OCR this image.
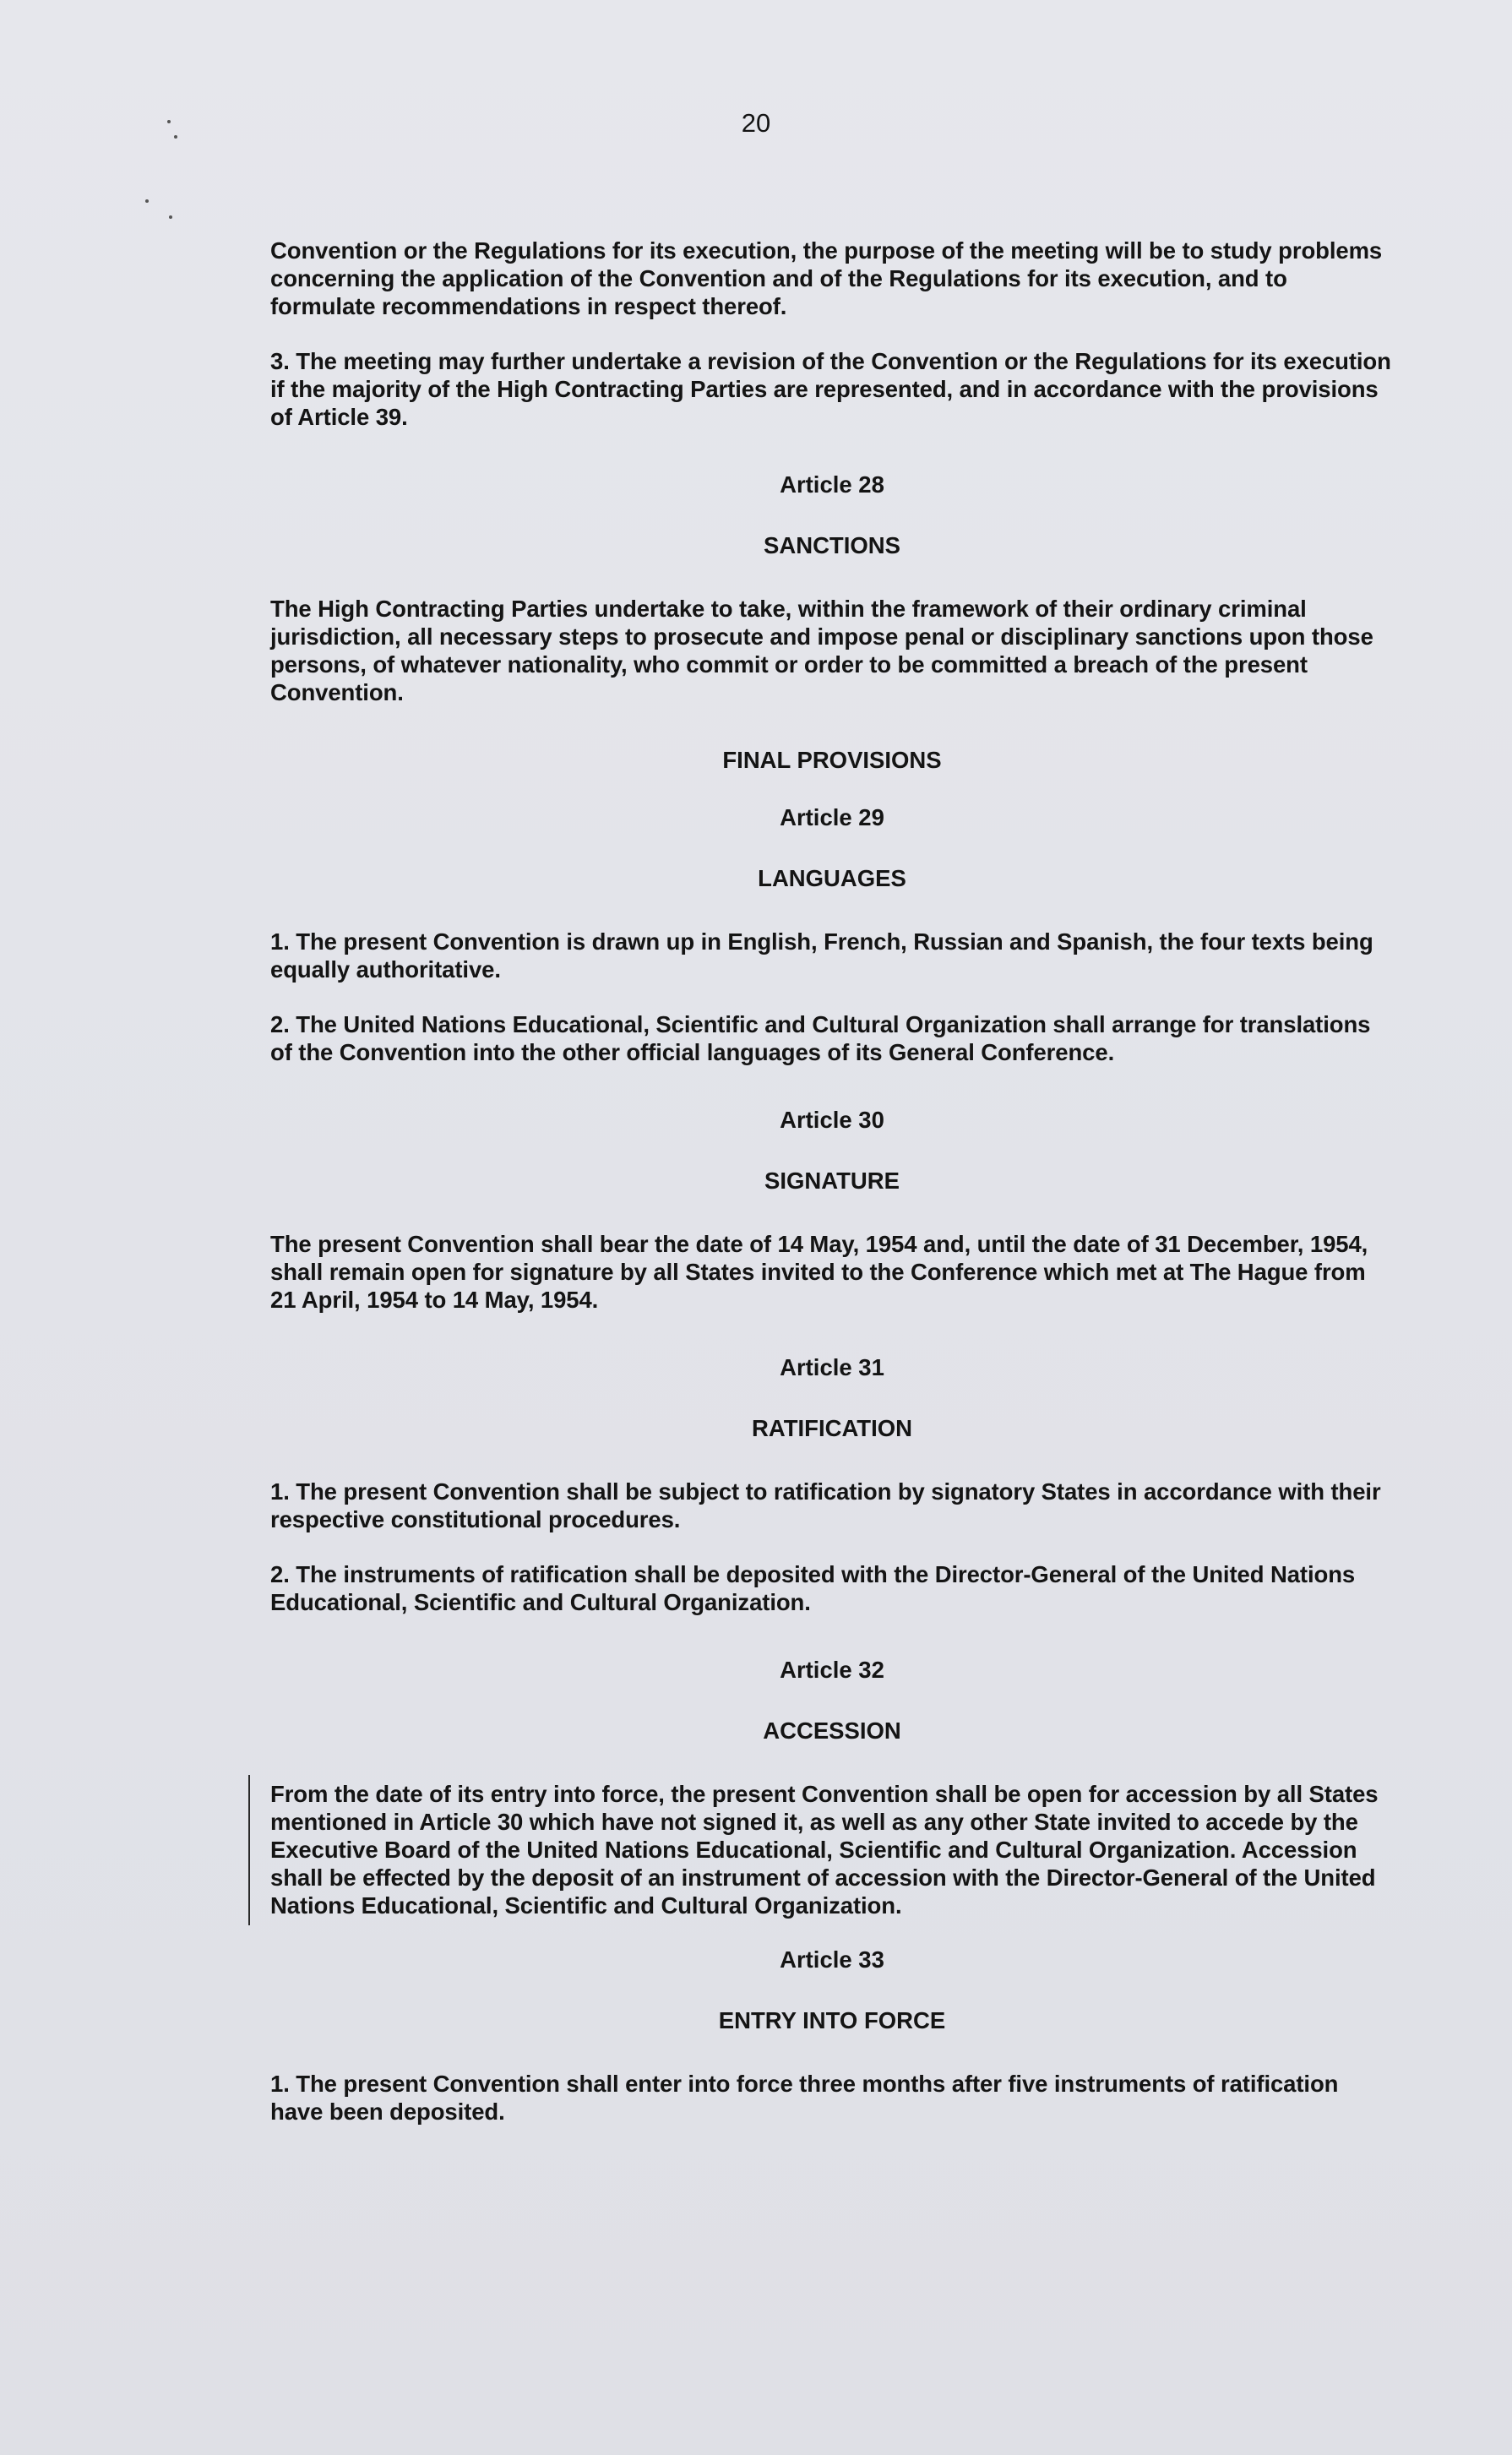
20

Convention or the Regulations for its execution, the purpose of the meeting will be to study problems concerning the application of the Convention and of the Regulations for its execution, and to formulate recommendations in respect thereof.

3. The meeting may further undertake a revision of the Convention or the Regulations for its execution if the majority of the High Contracting Parties are represented, and in accordance with the provisions of Article 39.

Article 28
SANCTIONS

The High Contracting Parties undertake to take, within the framework of their ordinary criminal jurisdiction, all necessary steps to prosecute and impose penal or disciplinary sanctions upon those persons, of whatever nationality, who commit or order to be committed a breach of the present Convention.

FINAL PROVISIONS
Article 29
LANGUAGES

1. The present Convention is drawn up in English, French, Russian and Spanish, the four texts being equally authoritative.

2. The United Nations Educational, Scientific and Cultural Organization shall arrange for translations of the Convention into the other official languages of its General Conference.

Article 30
SIGNATURE

The present Convention shall bear the date of 14 May, 1954 and, until the date of 31 December, 1954, shall remain open for signature by all States invited to the Conference which met at The Hague from 21 April, 1954 to 14 May, 1954.

Article 31
RATIFICATION

1. The present Convention shall be subject to ratification by signatory States in accordance with their respective constitutional procedures.

2. The instruments of ratification shall be deposited with the Director-General of the United Nations Educational, Scientific and Cultural Organization.

Article 32
ACCESSION

From the date of its entry into force, the present Convention shall be open for accession by all States mentioned in Article 30 which have not signed it, as well as any other State invited to accede by the Executive Board of the United Nations Educational, Scientific and Cultural Organization. Accession shall be effected by the deposit of an instrument of accession with the Director-General of the United Nations Educational, Scientific and Cultural Organization.

Article 33
ENTRY INTO FORCE

1. The present Convention shall enter into force three months after five instruments of ratification have been deposited.
